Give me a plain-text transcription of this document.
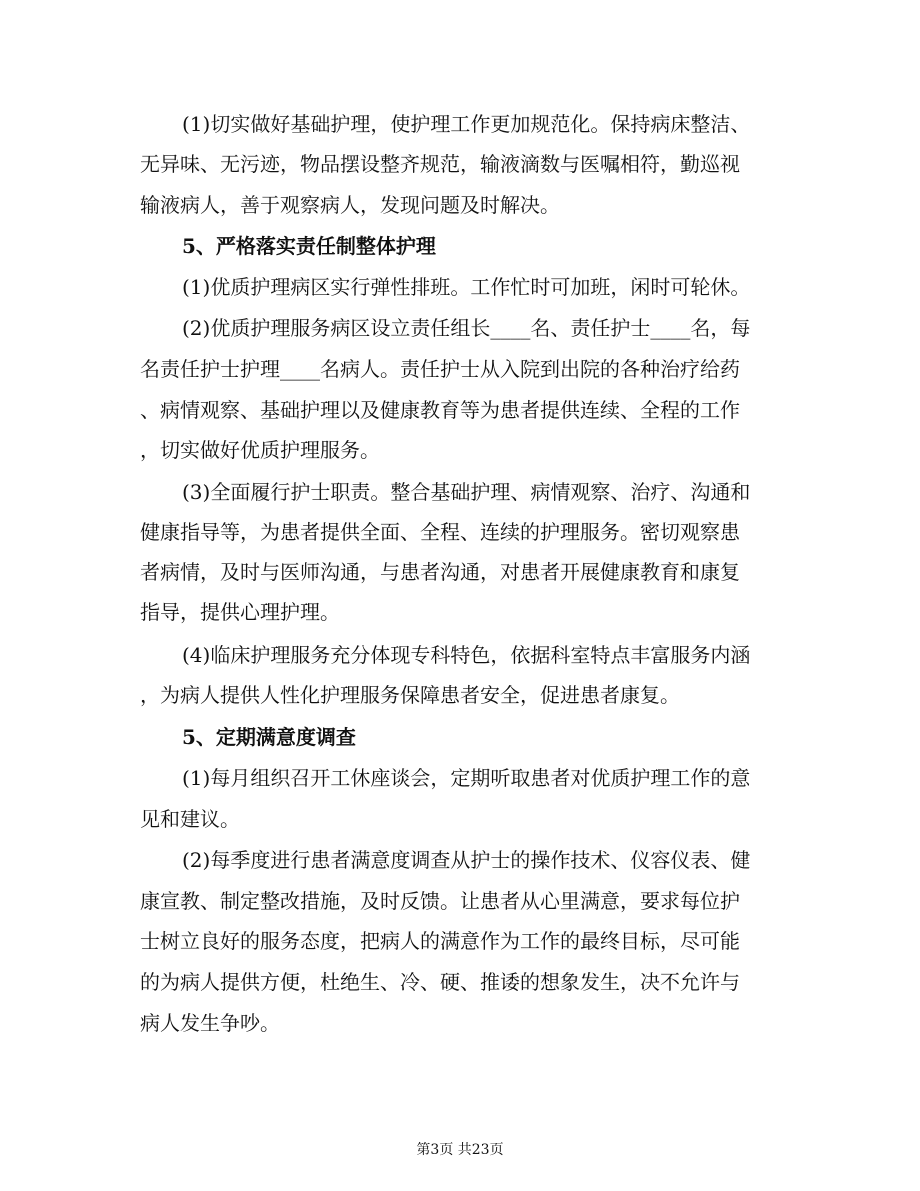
(1)切实做好基础护理，使护理工作更加规范化。保持病床整洁、
无异味、无污迹，物品摆设整齐规范，输液滴数与医嘱相符，勤巡视
输液病人，善于观察病人，发现问题及时解决。
5、严格落实责任制整体护理
(1)优质护理病区实行弹性排班。工作忙时可加班，闲时可轮休。
(2)优质护理服务病区设立责任组长____名、责任护士____名，每
名责任护士护理____名病人。责任护士从入院到出院的各种治疗给药
、病情观察、基础护理以及健康教育等为患者提供连续、全程的工作
，切实做好优质护理服务。
(3)全面履行护士职责。整合基础护理、病情观察、治疗、沟通和
健康指导等，为患者提供全面、全程、连续的护理服务。密切观察患
者病情，及时与医师沟通，与患者沟通，对患者开展健康教育和康复
指导，提供心理护理。
(4)临床护理服务充分体现专科特色，依据科室特点丰富服务内涵
，为病人提供人性化护理服务保障患者安全，促进患者康复。
5、定期满意度调查
(1)每月组织召开工休座谈会，定期听取患者对优质护理工作的意
见和建议。
(2)每季度进行患者满意度调查从护士的操作技术、仪容仪表、健
康宣教、制定整改措施，及时反馈。让患者从心里满意，要求每位护
士树立良好的服务态度，把病人的满意作为工作的最终目标，尽可能
的为病人提供方便，杜绝生、冷、硬、推诿的想象发生，决不允许与
病人发生争吵。
第3页 共23页
